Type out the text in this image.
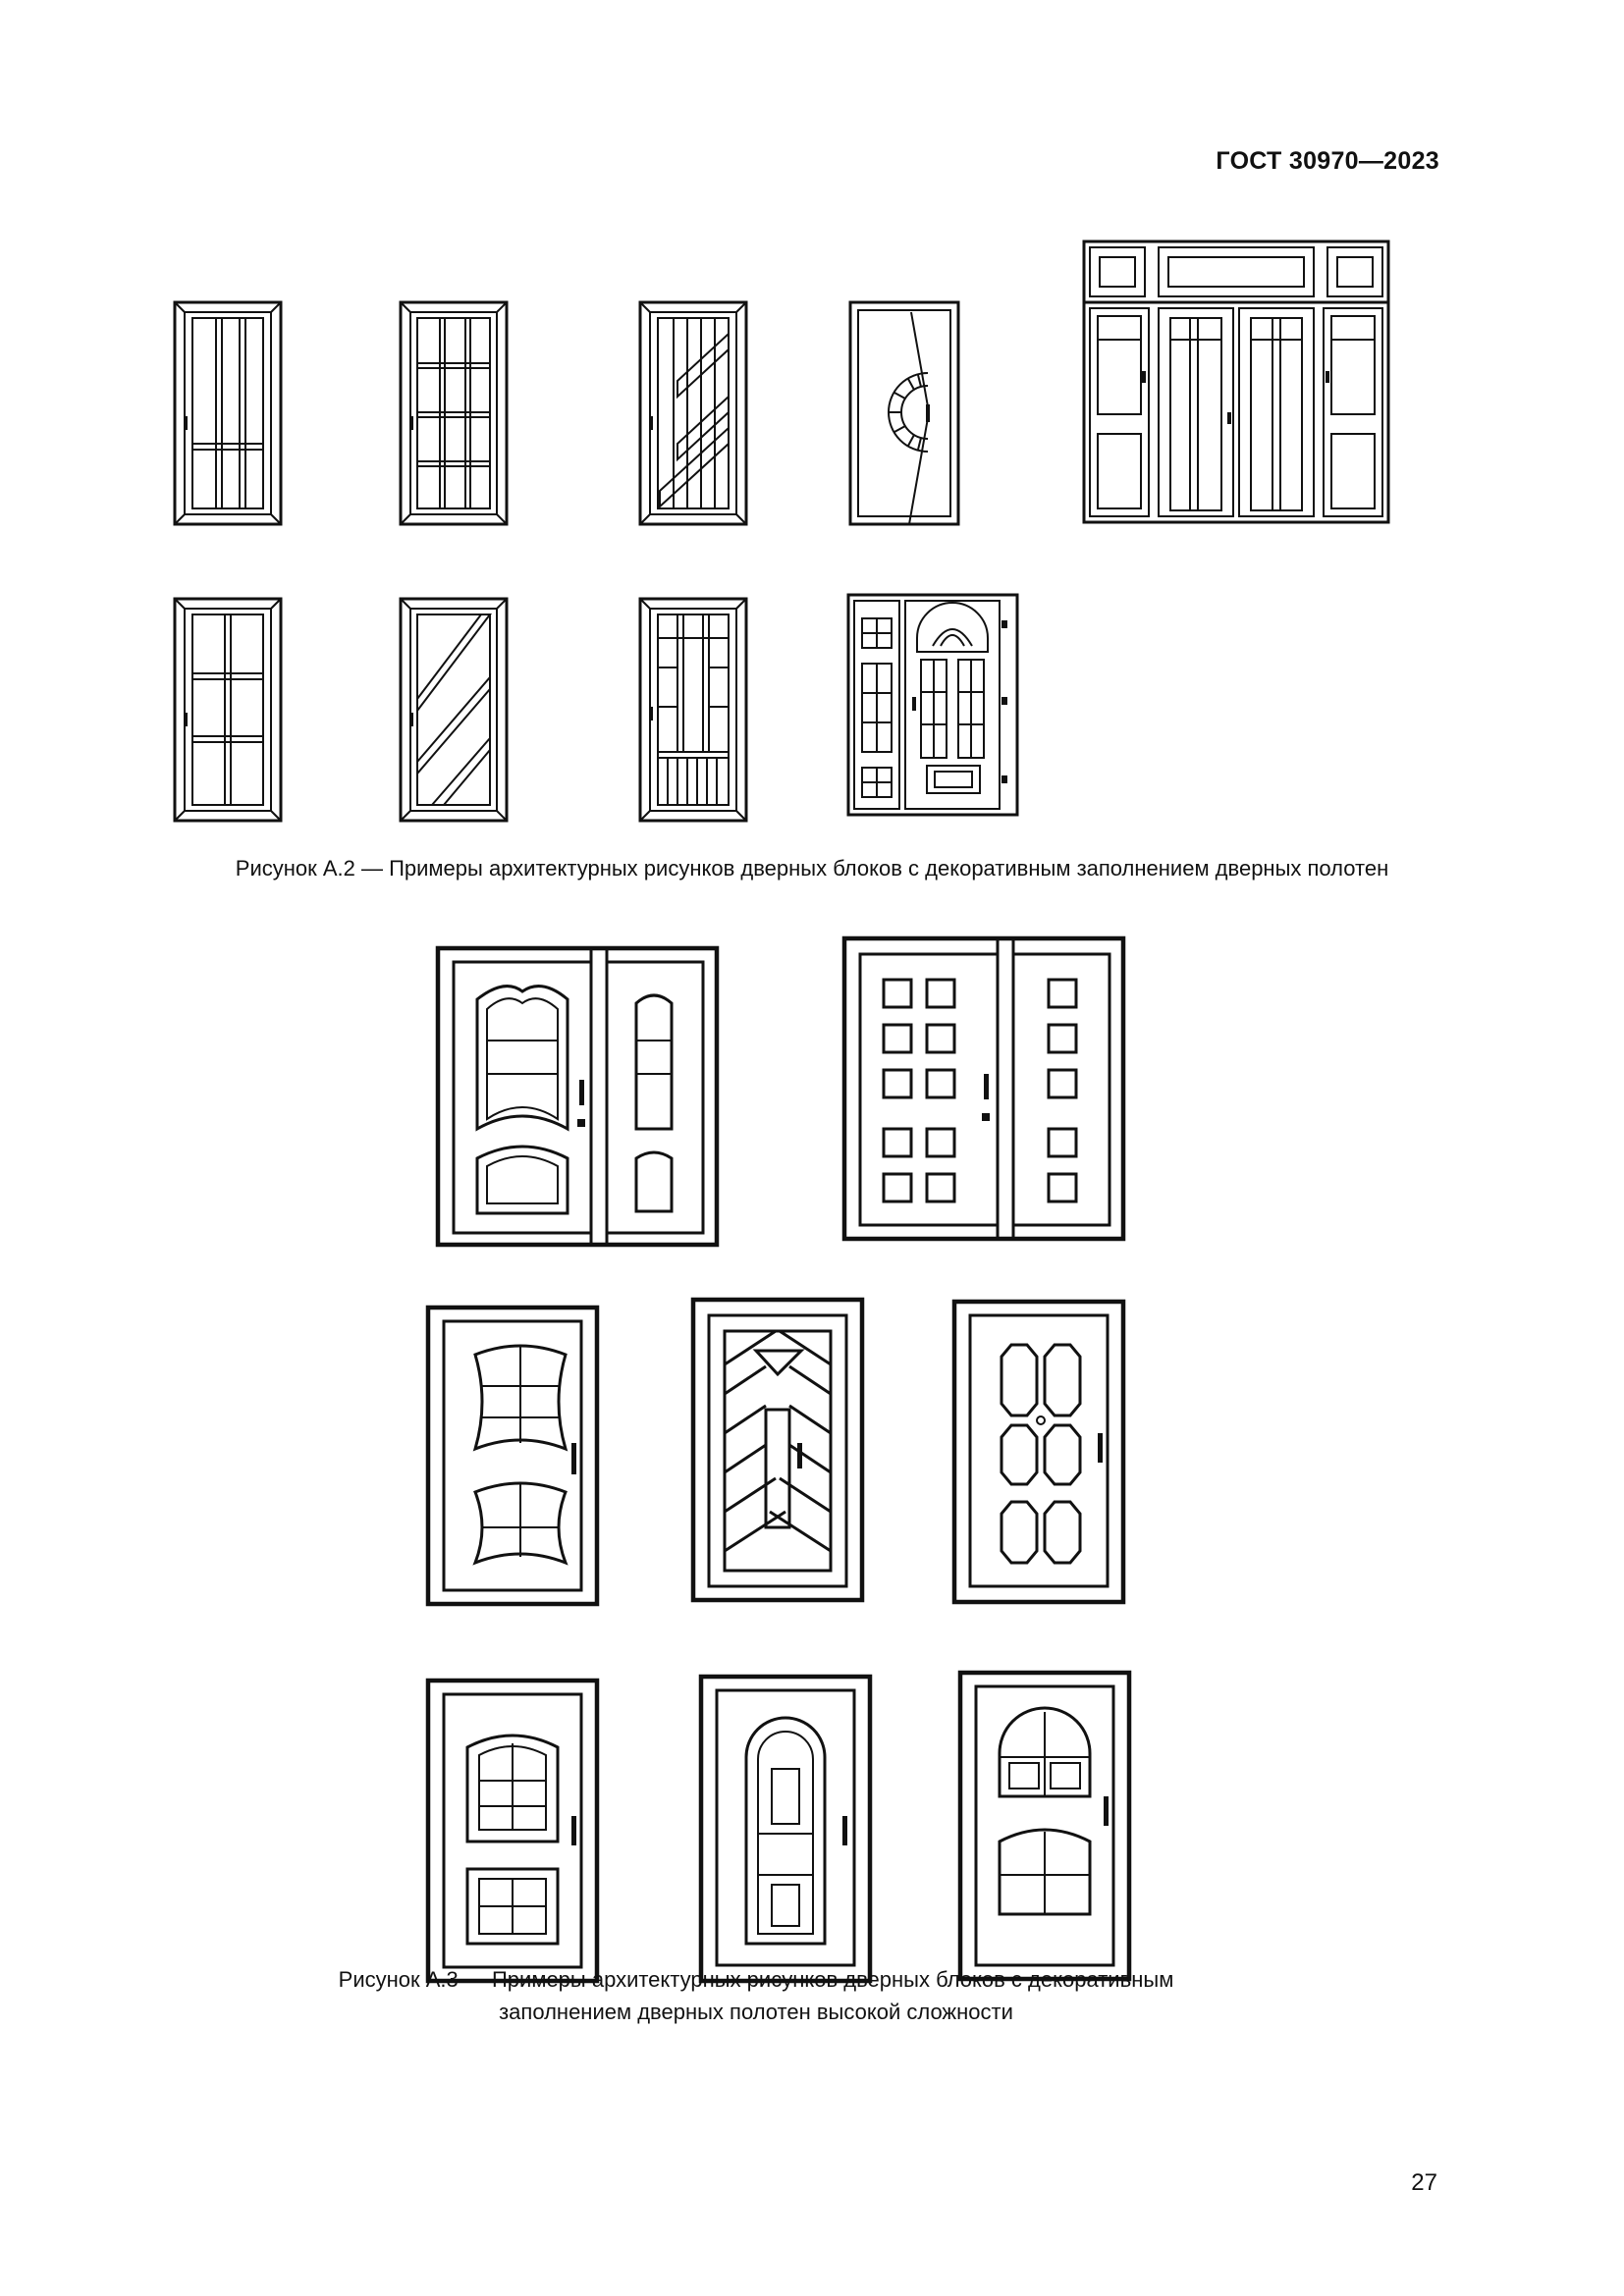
ГОСТ 30970—2023
Рисунок А.2 — Примеры архитектурных рисунков дверных блоков с декоративным заполнением дверных полотен
Рисунок А.3 — Примеры архитектурных рисунков дверных блоков с декоративным
заполнением дверных полотен высокой сложности
27
